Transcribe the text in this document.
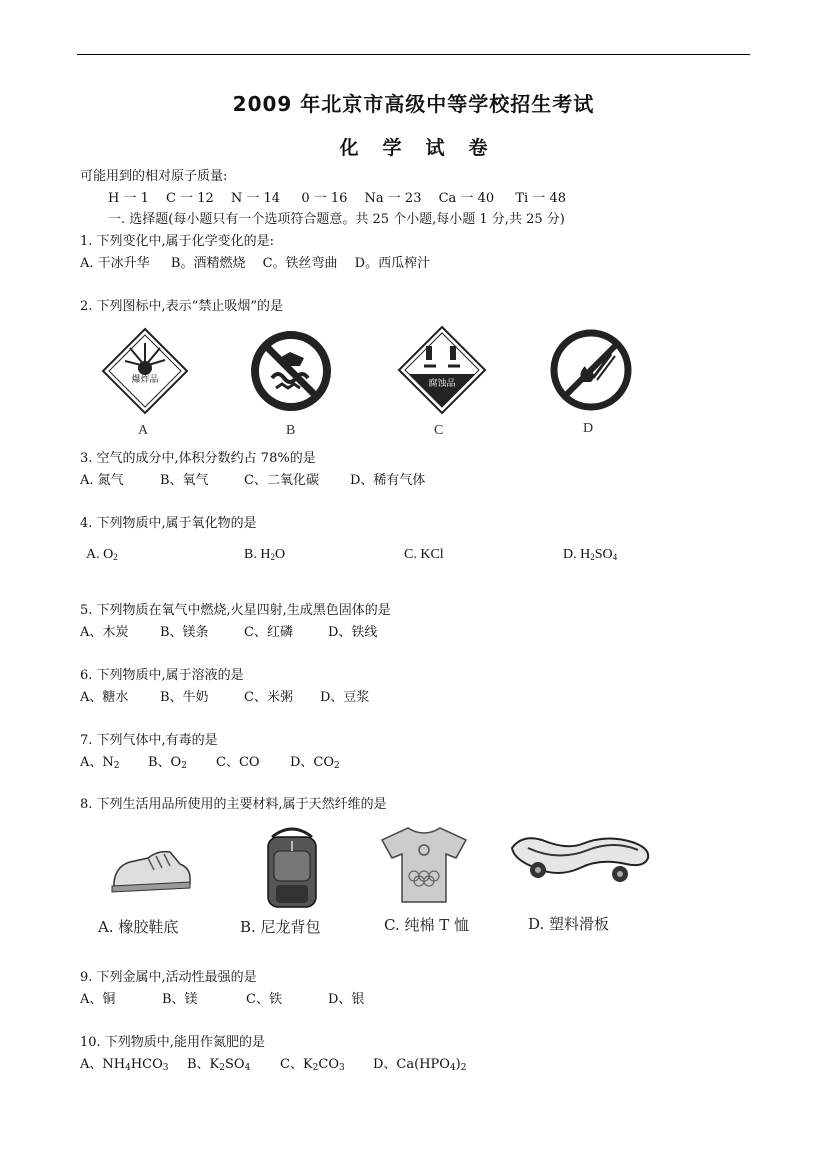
2009 年北京市高级中等学校招生考试
化 学 试 卷
可能用到的相对原子质量:
H 一 1 　C 一 12 　N 一 14 　 0 一 16 　Na 一 23 　Ca 一 40 　 Ti 一 48
一. 选择题(每小题只有一个选项符合题意。共 25 个小题,每小题 1 分,共 25 分)
1. 下列变化中,属于化学变化的是:
A. 干冰升华 　 B。酒精燃烧 　C。铁丝弯曲 　D。西瓜榨汁
2. 下列图标中,表示“禁止吸烟”的是
爆炸品	腐蚀品
A	B	C	D
3. 空气的成分中,体积分数约占 78%的是
A. 氮气	B、氧气	C、二氧化碳 D、稀有气体
4. 下列物质中,属于氧化物的是
A. $O_2$	B. $H_2O$	C. KCl	D. $H_2SO_4$
5. 下列物质在氧气中燃烧,火星四射,生成黑色固体的是
A、木炭 B、镁条	C、红磷	D、铁线
6. 下列物质中,属于溶液的是
A、糖水 B、牛奶	C、米粥 D、豆浆
7. 下列气体中,有毒的是
A、$N_2$ B、$O_2$ C、CO D、$CO_2$
8. 下列生活用品所使用的主要材料,属于天然纤维的是
A. 橡胶鞋底	B. 尼龙背包	C. 纯棉 T 恤	D. 塑料滑板
9. 下列金属中,活动性最强的是
A、铜	B、镁	C、铁	D、银
10. 下列物质中,能用作氮肥的是
A、$NH_4HCO_3$ B、$K_2SO_4$ C、$K_2CO_3$ D、$Ca(HPO_4)_2$
